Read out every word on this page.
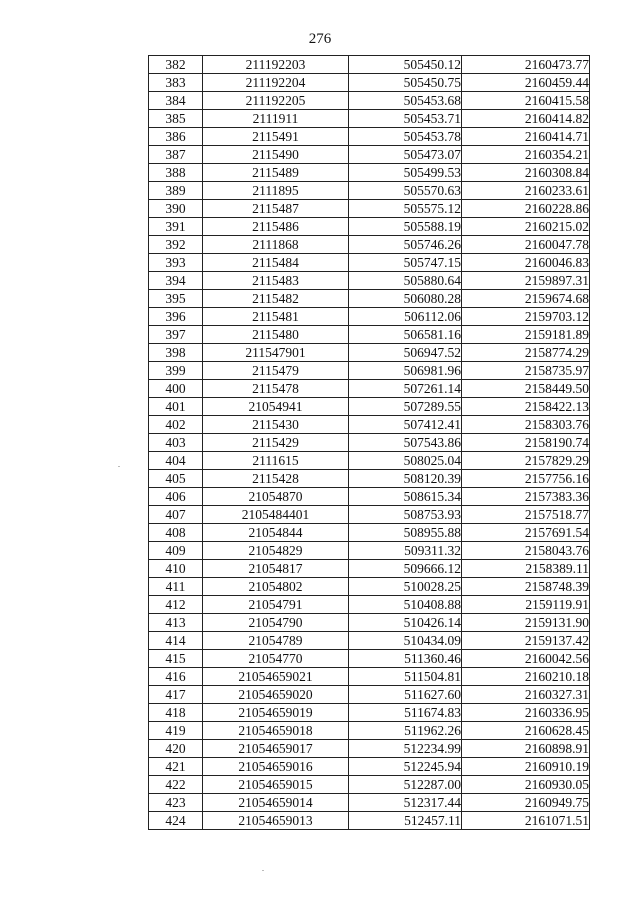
276
382	211192203	505450.12	2160473.77
383	211192204	505450.75	2160459.44
384	211192205	505453.68	2160415.58
385	2111911	505453.71	2160414.82
386	2115491	505453.78	2160414.71
387	2115490	505473.07	2160354.21
388	2115489	505499.53	2160308.84
389	2111895	505570.63	2160233.61
390	2115487	505575.12	2160228.86
391	2115486	505588.19	2160215.02
392	2111868	505746.26	2160047.78
393	2115484	505747.15	2160046.83
394	2115483	505880.64	2159897.31
395	2115482	506080.28	2159674.68
396	2115481	506112.06	2159703.12
397	2115480	506581.16	2159181.89
398	211547901	506947.52	2158774.29
399	2115479	506981.96	2158735.97
400	2115478	507261.14	2158449.50
401	21054941	507289.55	2158422.13
402	2115430	507412.41	2158303.76
403	2115429	507543.86	2158190.74
404	2111615	508025.04	2157829.29
405	2115428	508120.39	2157756.16
406	21054870	508615.34	2157383.36
407	2105484401	508753.93	2157518.77
408	21054844	508955.88	2157691.54
409	21054829	509311.32	2158043.76
410	21054817	509666.12	2158389.11
411	21054802	510028.25	2158748.39
412	21054791	510408.88	2159119.91
413	21054790	510426.14	2159131.90
414	21054789	510434.09	2159137.42
415	21054770	511360.46	2160042.56
416	21054659021	511504.81	2160210.18
417	21054659020	511627.60	2160327.31
418	21054659019	511674.83	2160336.95
419	21054659018	511962.26	2160628.45
420	21054659017	512234.99	2160898.91
421	21054659016	512245.94	2160910.19
422	21054659015	512287.00	2160930.05
423	21054659014	512317.44	2160949.75
424	21054659013	512457.11	2161071.51
